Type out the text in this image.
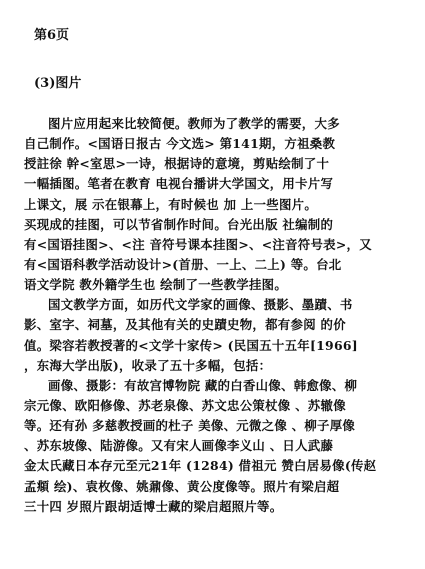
第6页
(3)图片
图片应用起来比较简便。教师为了教学的需要，大多
自己制作。<国语日报古 今文选> 第141期，方祖桑教
授註徐 幹<室思>一诗，根据诗的意境，剪贴绘制了十
一幅插图。笔者在教育 电视台播讲大学国文，用卡片写
上课文，展 示在银幕上，有时候也 加 上一些图片。
买现成的挂图，可以节省制作时间。台光出版 社编制的
有<国语挂图>、<注 音符号课本挂图>、<注音符号表>，又
有<国语科教学活动设计>(首册、一上、二上) 等。台北
语文学院 教外籍学生也 绘制了一些教学挂图。
国文教学方面，如历代文学家的画像、摄影、墨蹟、书
影、室字、祠墓，及其他有关的史蹟史物，都有参阅 的价
值。梁容若教授著的<文学十家传> (民国五十五年[1966]
，东海大学出版)，收录了五十多幅，包括：
画像、摄影：有故宫博物院 藏的白香山像、韩愈像、柳
宗元像、欧阳修像、苏老泉像、苏文忠公策杖像 、苏辙像
等。还有孙 多慈教授画的杜子 美像、元微之像 、柳子厚像
、苏东坡像、陆游像。又有宋人画像李义山 、日人武藤
金太氏藏日本存元至元21年 (1284) 借祖元 赞白居易像(传赵
孟頫 绘)、袁枚像、姚鼐像、黄公度像等。照片有梁启超
三十四 岁照片跟胡适博士藏的梁启超照片等。
